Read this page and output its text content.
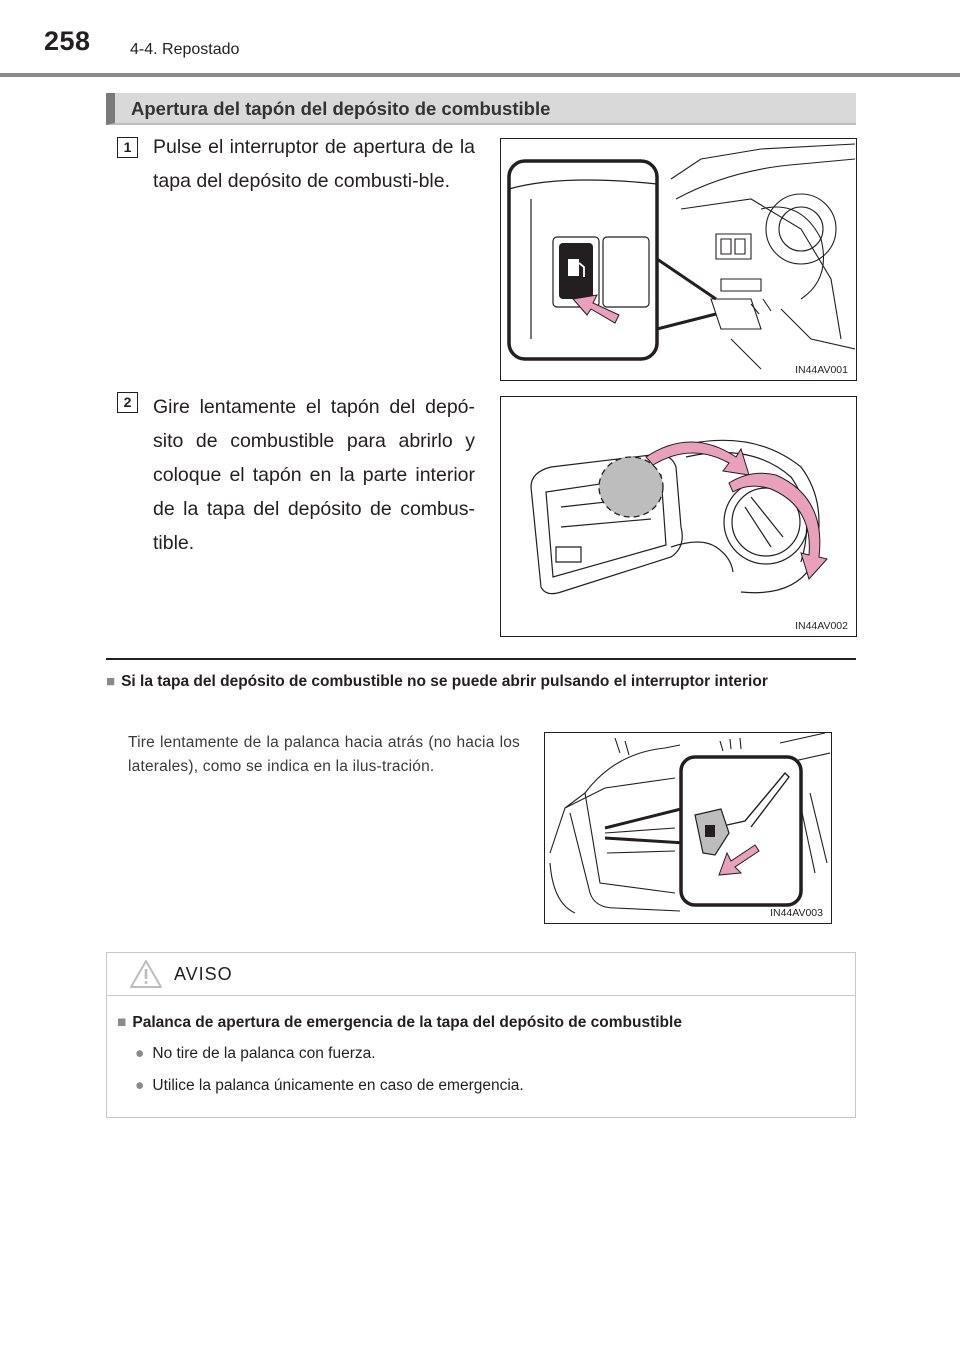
258 4-4. Repostado
Apertura del tapón del depósito de combustible
1	Pulse el interruptor de apertura de la tapa del depósito de combusti-ble.
IN44AV001
2	Gire lentamente el tapón del depó-sito de combustible para abrirlo y coloque el tapón en la parte interior de la tapa del depósito de combus-tible.
IN44AV002
■ Si la tapa del depósito de combustible no se puede abrir pulsando el interruptor interior
Tire lentamente de la palanca hacia atrás (no hacia los laterales), como se indica en la ilus-tración.
IN44AV003
AVISO
■ Palanca de apertura de emergencia de la tapa del depósito de combustible
● No tire de la palanca con fuerza.
● Utilice la palanca únicamente en caso de emergencia.
